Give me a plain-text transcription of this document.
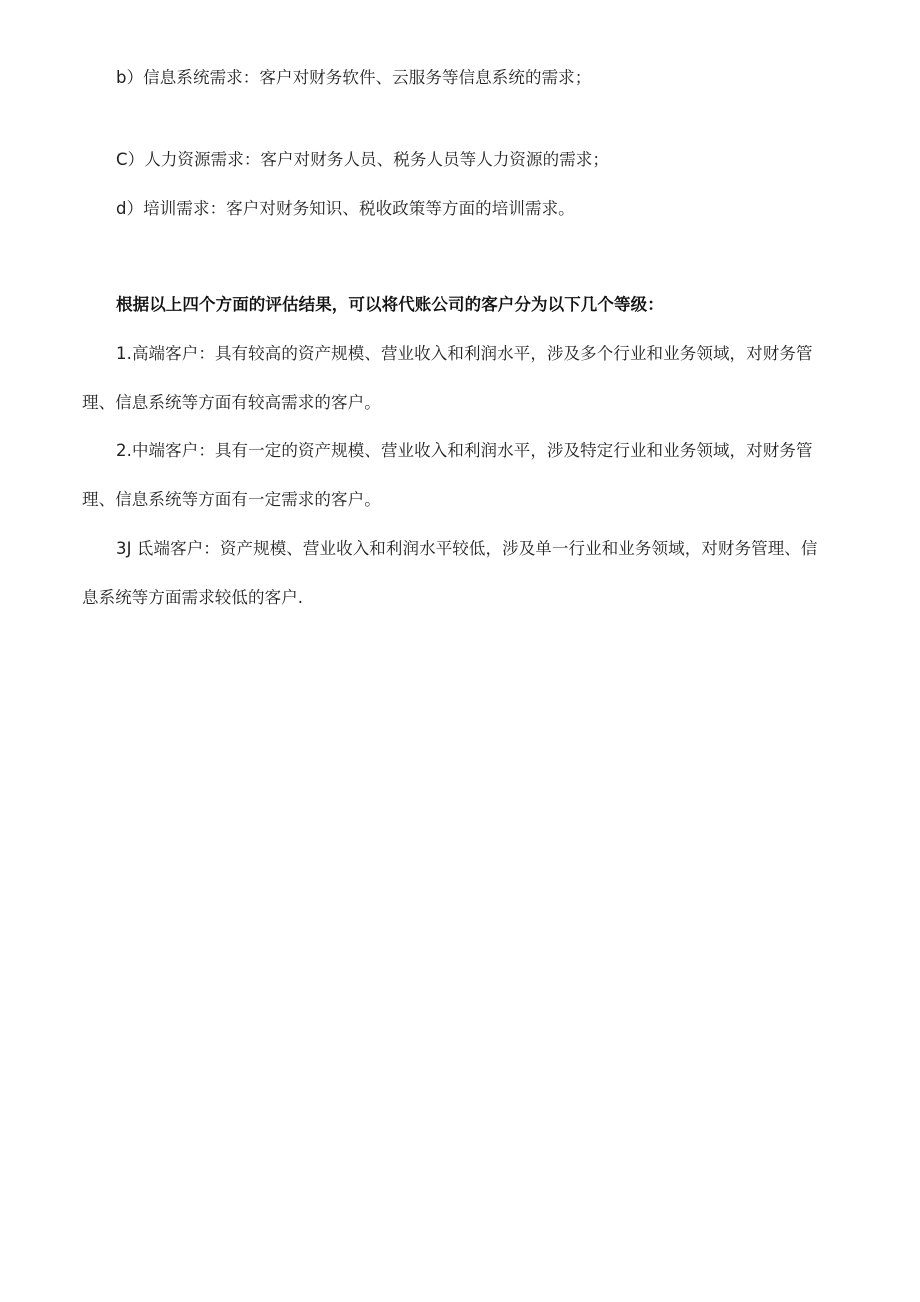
b）信息系统需求：客户对财务软件、云服务等信息系统的需求；
C）人力资源需求：客户对财务人员、税务人员等人力资源的需求；
d）培训需求：客户对财务知识、税收政策等方面的培训需求。
根据以上四个方面的评估结果，可以将代账公司的客户分为以下几个等级：
1.高端客户：具有较高的资产规模、营业收入和利润水平，涉及多个行业和业务领域，对财务管
理、信息系统等方面有较高需求的客户。
2.中端客户：具有一定的资产规模、营业收入和利润水平，涉及特定行业和业务领域，对财务管
理、信息系统等方面有一定需求的客户。
3J 氐端客户：资产规模、营业收入和利润水平较低，涉及单一行业和业务领域，对财务管理、信
息系统等方面需求较低的客户.
